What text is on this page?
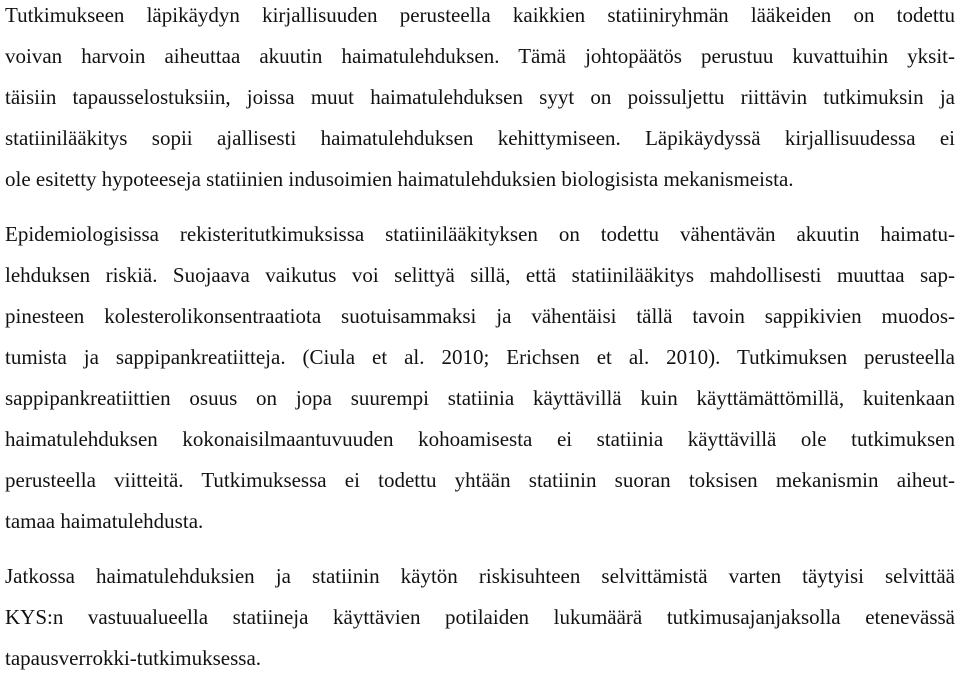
Tutkimukseen läpikäydyn kirjallisuuden perusteella kaikkien statiiniryhmän lääkeiden on todettu
voivan harvoin aiheuttaa akuutin haimatulehduksen. Tämä johtopäätös perustuu kuvattuihin yksit-
täisiin tapausselostuksiin, joissa muut haimatulehduksen syyt on poissuljettu riittävin tutkimuksin ja
statiinilääkitys sopii ajallisesti haimatulehduksen kehittymiseen. Läpikäydyssä kirjallisuudessa ei
ole esitetty hypoteeseja statiinien indusoimien haimatulehduksien biologisista mekanismeista.
Epidemiologisissa rekisteritutkimuksissa statiinilääkityksen on todettu vähentävän akuutin haimatu-
lehduksen riskiä. Suojaava vaikutus voi selittyä sillä, että statiinilääkitys mahdollisesti muuttaa sap-
pinesteen kolesterolikonsentraatiota suotuisammaksi ja vähentäisi tällä tavoin sappikivien muodos-
tumista ja sappipankreatiitteja. (Ciula et al. 2010; Erichsen et al. 2010). Tutkimuksen perusteella
sappipankreatiittien osuus on jopa suurempi statiinia käyttävillä kuin käyttämättömillä, kuitenkaan
haimatulehduksen kokonaisilmaantuvuuden kohoamisesta ei statiinia käyttävillä ole tutkimuksen
perusteella viitteitä. Tutkimuksessa ei todettu yhtään statiinin suoran toksisen mekanismin aiheut-
tamaa haimatulehdusta.
Jatkossa haimatulehduksien ja statiinin käytön riskisuhteen selvittämistä varten täytyisi selvittää
KYS:n vastuualueella statiineja käyttävien potilaiden lukumäärä tutkimusajanjaksolla etenevässä
tapausverrokki-tutkimuksessa.
